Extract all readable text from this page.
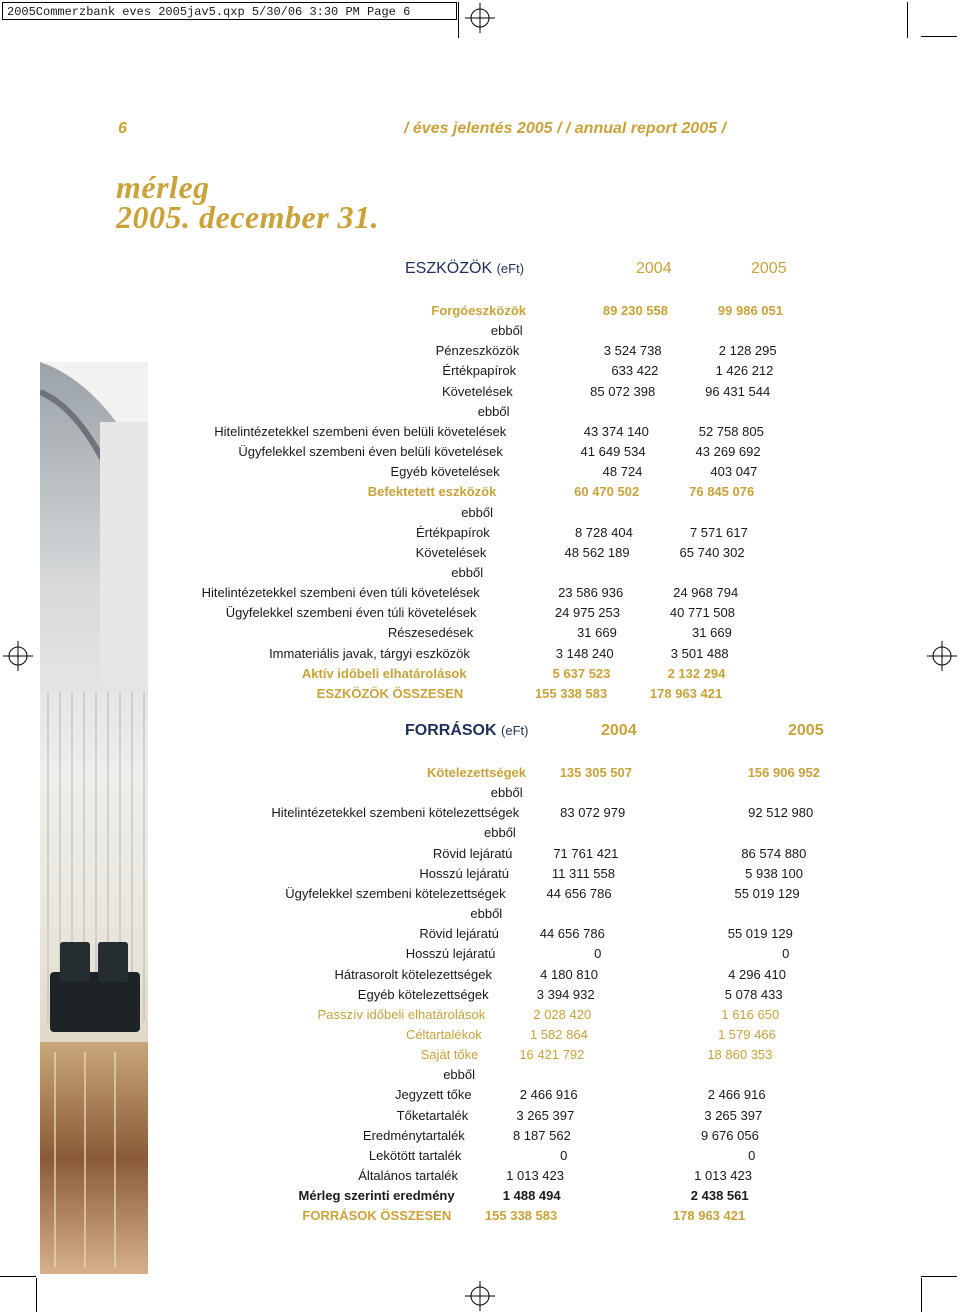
2005Commerzbank eves 2005jav5.qxp 5/30/06 3:30 PM Page 6
6	/ éves jelentés 2005 / / annual report 2005 /
mérleg
2005. december 31.
ESZKÖZÖK (eFt)	2004	2005
Forgóeszközök	89 230 558	99 986 051
ebből
Pénzeszközök	3 524 738	2 128 295
Értékpapírok	633 422	1 426 212
Követelések	85 072 398	96 431 544
ebből
Hitelintézetekkel szembeni éven belüli követelések	43 374 140	52 758 805
Ügyfelekkel szembeni éven belüli követelések	41 649 534	43 269 692
Egyéb követelések	48 724	403 047
Befektetett eszközök	60 470 502	76 845 076
ebből
Értékpapírok	8 728 404	7 571 617
Követelések	48 562 189	65 740 302
ebből
Hitelintézetekkel szembeni éven túli követelések	23 586 936	24 968 794
Ügyfelekkel szembeni éven túli követelések	24 975 253	40 771 508
Részesedések	31 669	31 669
Immateriális javak, tárgyi eszközök	3 148 240	3 501 488
Aktív időbeli elhatárolások	5 637 523	2 132 294
ESZKÖZÖK ÖSSZESEN	155 338 583	178 963 421
FORRÁSOK (eFt)	2004	2005
Kötelezettségek	135 305 507	156 906 952
ebből
Hitelintézetekkel szembeni kötelezettségek	83 072 979	92 512 980
ebből
Rövid lejáratú	71 761 421	86 574 880
Hosszú lejáratú	11 311 558	5 938 100
Ügyfelekkel szembeni kötelezettségek	44 656 786	55 019 129
ebből
Rövid lejáratú	44 656 786	55 019 129
Hosszú lejáratú	0	0
Hátrasorolt kötelezettségek	4 180 810	4 296 410
Egyéb kötelezettségek	3 394 932	5 078 433
Passzív időbeli elhatárolások	2 028 420	1 616 650
Céltartalékok	1 582 864	1 579 466
Saját tőke	16 421 792	18 860 353
ebből
Jegyzett tőke	2 466 916	2 466 916
Tőketartalék	3 265 397	3 265 397
Eredménytartalék	8 187 562	9 676 056
Lekötött tartalék	0	0
Általános tartalék	1 013 423	1 013 423
Mérleg szerinti eredmény	1 488 494	2 438 561
FORRÁSOK ÖSSZESEN	155 338 583	178 963 421
